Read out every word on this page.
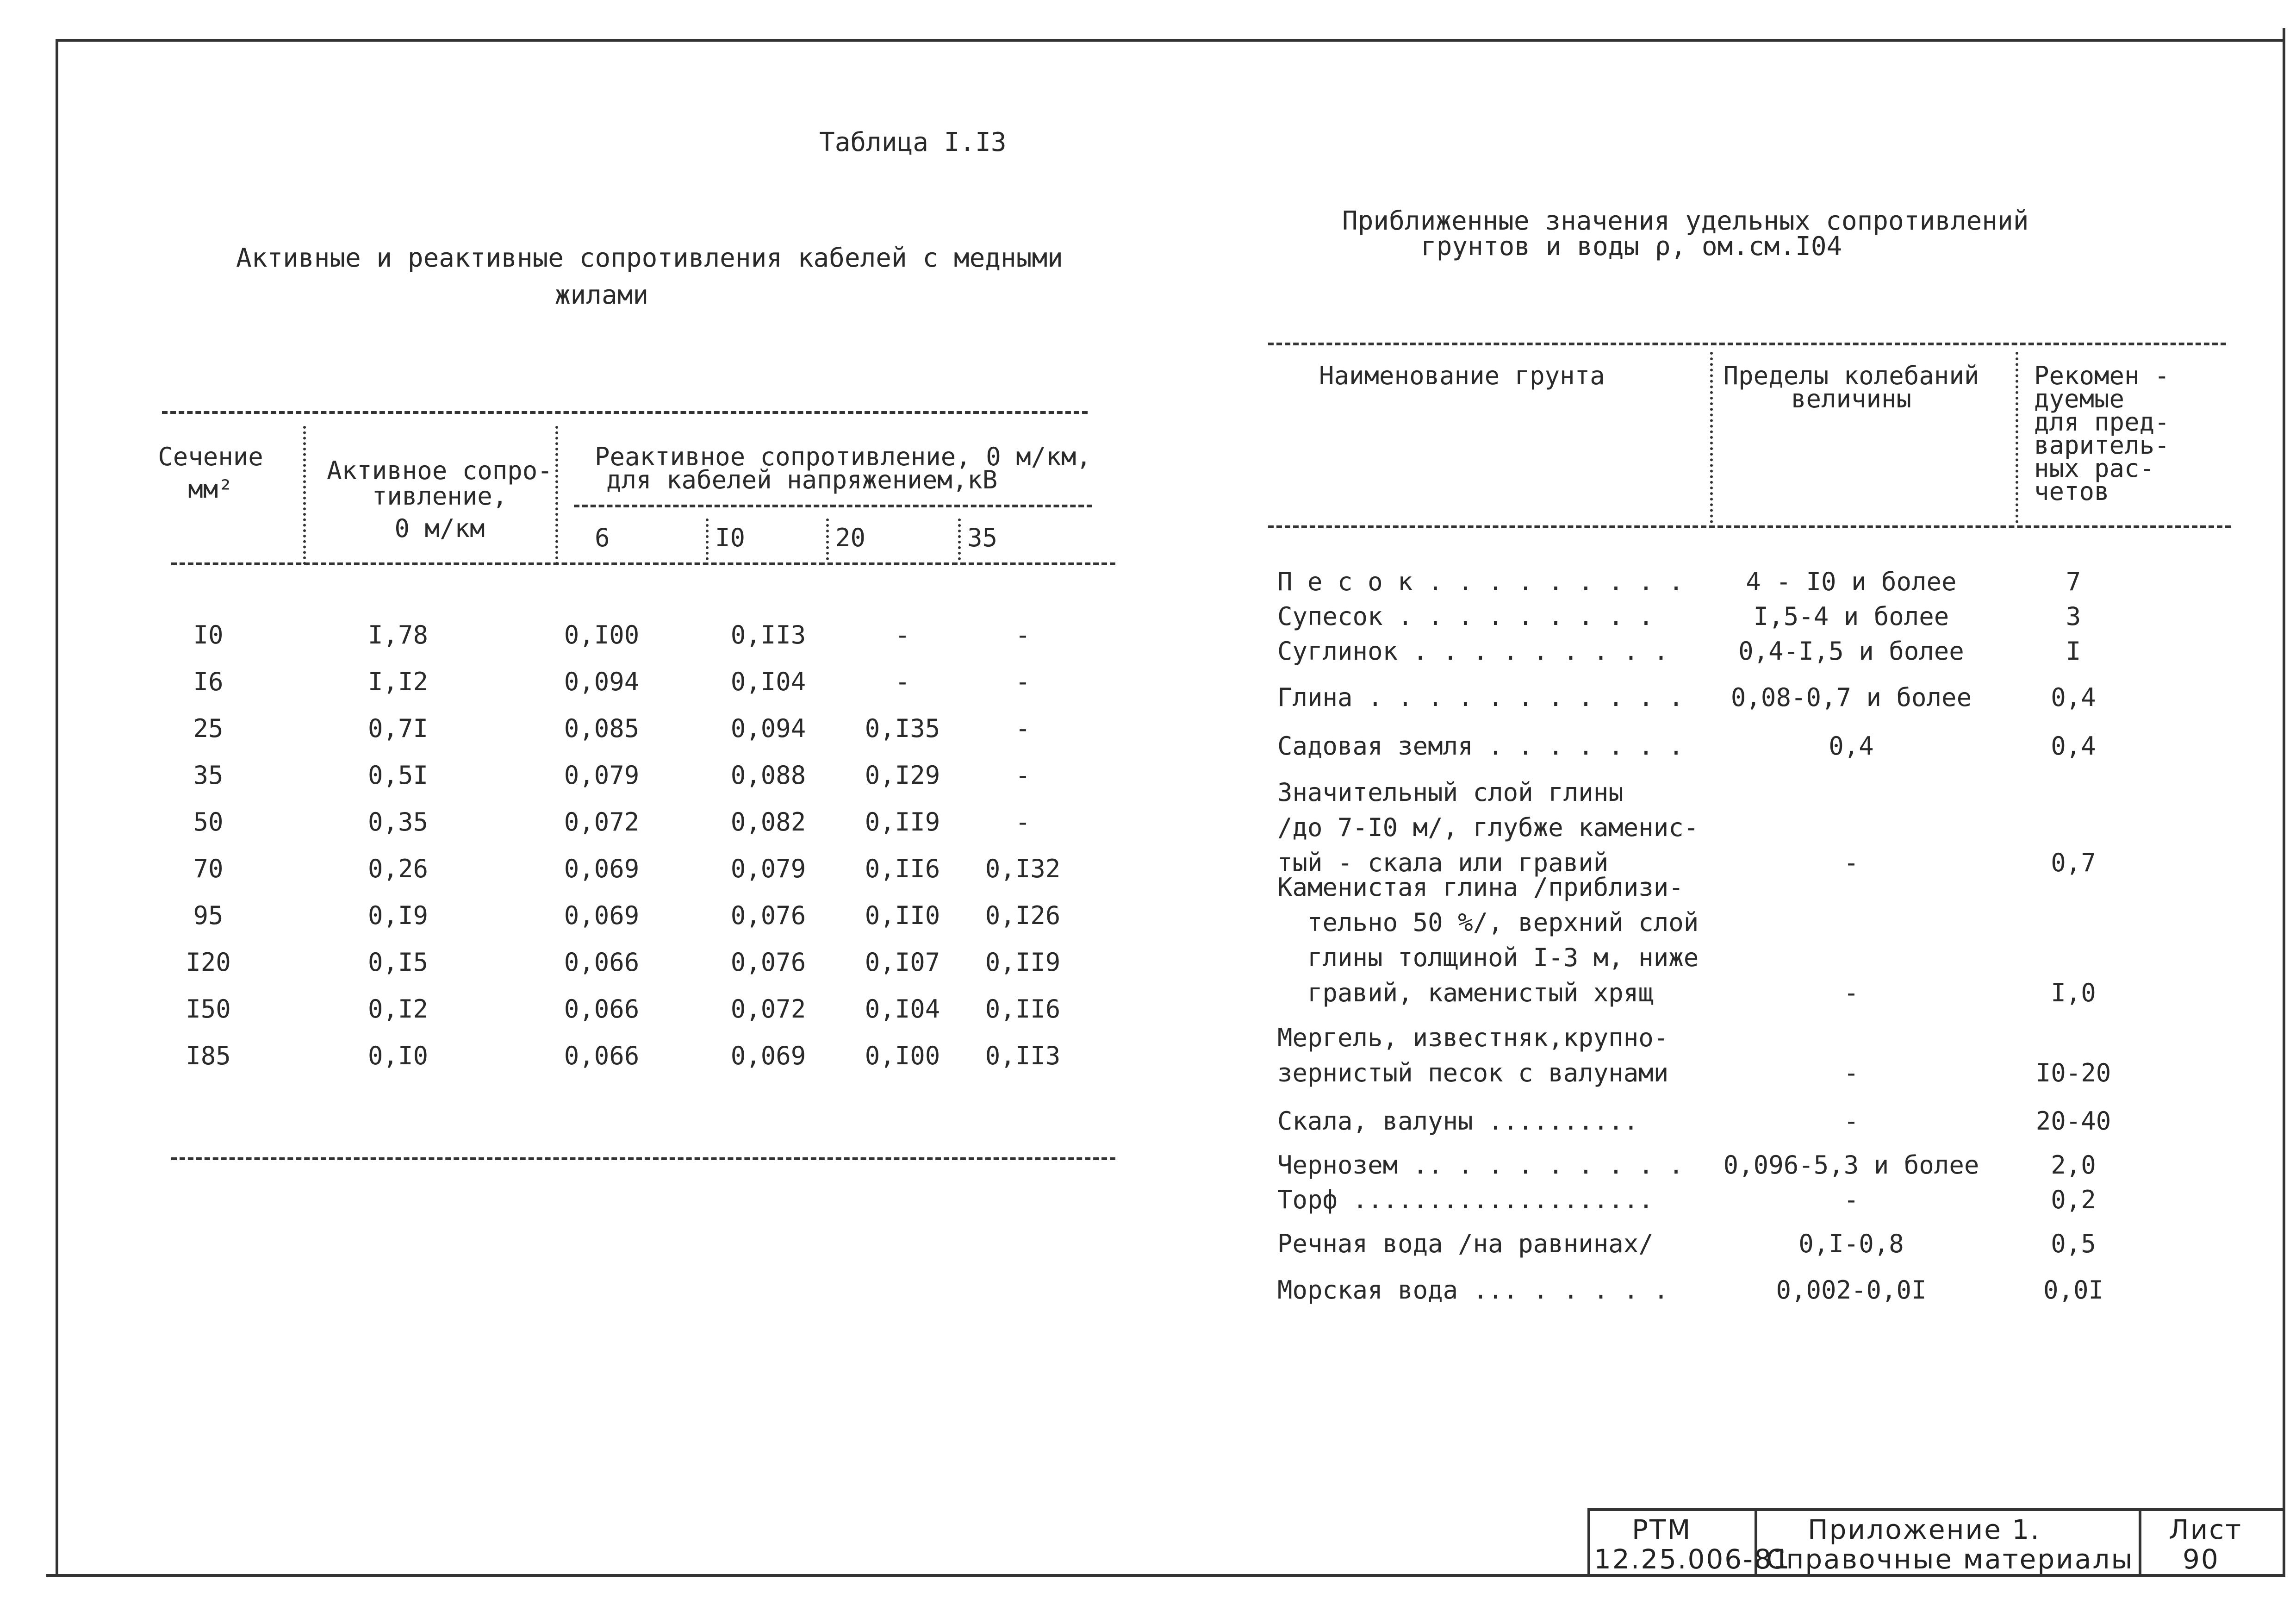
Таблица I.I3
Активные и реактивные сопротивления кабелей с медными
жилами
Сечение
мм²
Активное сопро-
тивление,
0 м/км
Реактивное сопротивление, 0 м/км,
для кабелей напряжением,кВ
6	I0	20	35
I0	I,78	0,I00	0,II3	-	-
I6	I,I2	0,094	0,I04	-	-
25	0,7I	0,085	0,094	0,I35	-
35	0,5I	0,079	0,088	0,I29	-
50	0,35	0,072	0,082	0,II9	-
70	0,26	0,069	0,079	0,II6	0,I32
95	0,I9	0,069	0,076	0,II0	0,I26
I20	0,I5	0,066	0,076	0,I07	0,II9
I50	0,I2	0,066	0,072	0,I04	0,II6
I85	0,I0	0,066	0,069	0,I00	0,II3
Приближенные значения удельных сопротивлений
грунтов и воды ρ, ом.см.I04
Наименование грунта	Пределы колебаний
величины
Рекомен -
дуемые
для пред-
варитель-
ных рас-
четов
П е с о к . . . . . . . . .	4 - I0 и более	7
Супесок . . . . . . . . .	I,5-4 и более	3
Суглинок . . . . . . . . .	0,4-I,5 и более	I
Глина . . . . . . . . . . .	0,08-0,7 и более	0,4
Садовая земля . . . . . . .	0,4	0,4
Значительный слой глины
/до 7-I0 м/, глубже каменис-
тый - скала или гравий	-	0,7
Каменистая глина /приблизи-
тельно 50 %/, верхний слой
глины толщиной I-3 м, ниже
гравий, каменистый хрящ	-	I,0
Мергель, известняк,крупно-
зернистый песок с валунами	-	I0-20
Скала, валуны ..........	-	20-40
Чернозем .. . . . . . . . .	0,096-5,3 и более	2,0
Торф ....................	-	0,2
Речная вода /на равнинах/	0,I-0,8	0,5
Морская вода ... . . . . .	0,002-0,0I	0,0I
РТМ
12.25.006-81
Приложение 1.
Справочные материалы
Лист
90
